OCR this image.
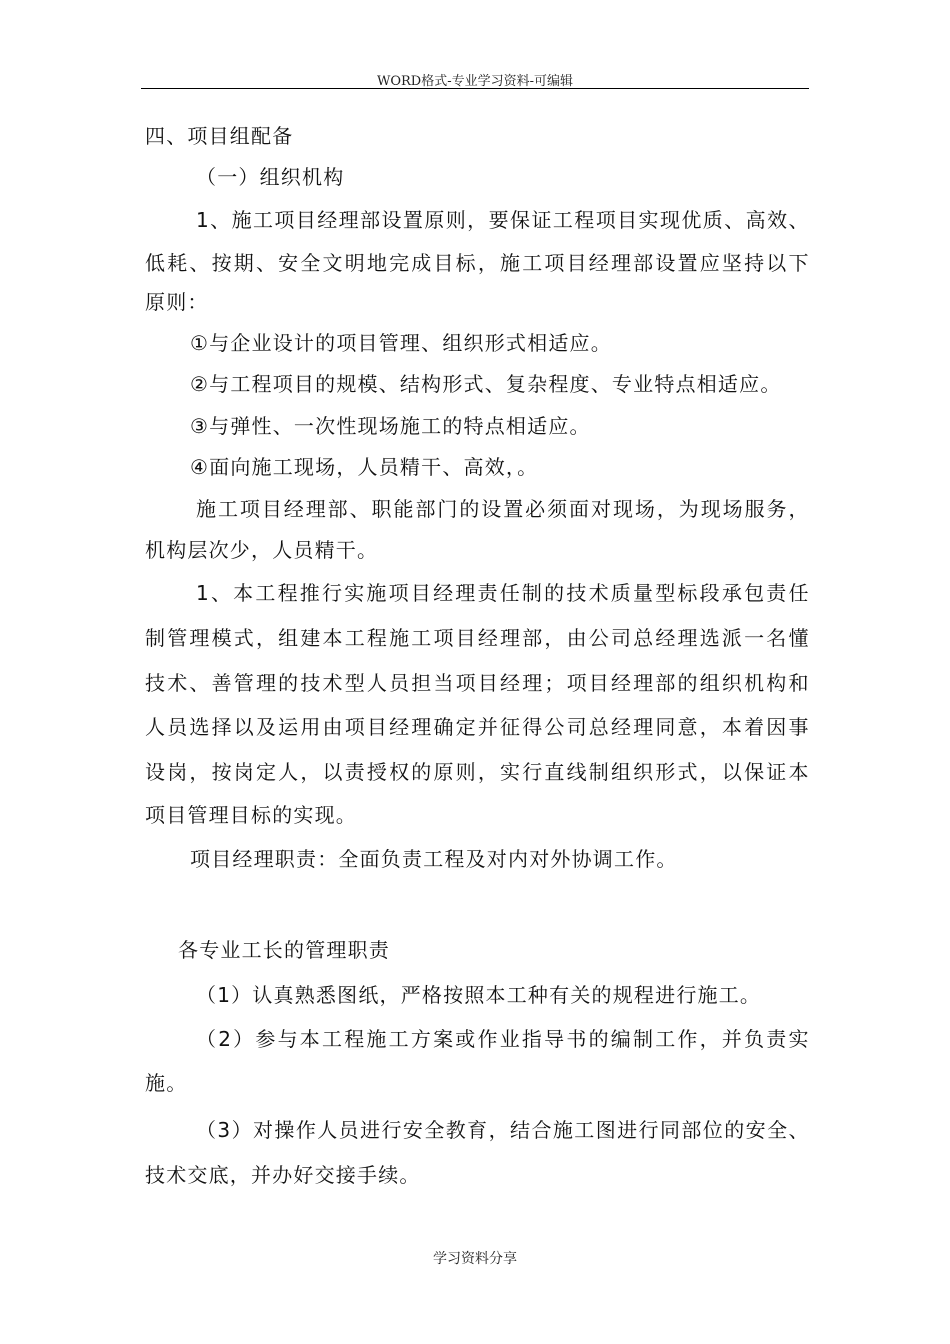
WORD格式-专业学习资料-可编辑
四、项目组配备
（一）组织机构
1、施工项目经理部设置原则，要保证工程项目实现优质、高效、
低耗、按期、安全文明地完成目标，施工项目经理部设置应坚持以下
原则：
①与企业设计的项目管理、组织形式相适应。
②与工程项目的规模、结构形式、复杂程度、专业特点相适应。
③与弹性、一次性现场施工的特点相适应。
④面向施工现场，人员精干、高效，。
施工项目经理部、职能部门的设置必须面对现场，为现场服务，
机构层次少，人员精干。
1、本工程推行实施项目经理责任制的技术质量型标段承包责任
制管理模式，组建本工程施工项目经理部，由公司总经理选派一名懂
技术、善管理的技术型人员担当项目经理；项目经理部的组织机构和
人员选择以及运用由项目经理确定并征得公司总经理同意，本着因事
设岗，按岗定人，以责授权的原则，实行直线制组织形式，以保证本
项目管理目标的实现。
项目经理职责：全面负责工程及对内对外协调工作。
各专业工长的管理职责
（1）认真熟悉图纸，严格按照本工种有关的规程进行施工。
（2）参与本工程施工方案或作业指导书的编制工作，并负责实
施。
（3）对操作人员进行安全教育，结合施工图进行同部位的安全、
技术交底，并办好交接手续。
学习资料分享
